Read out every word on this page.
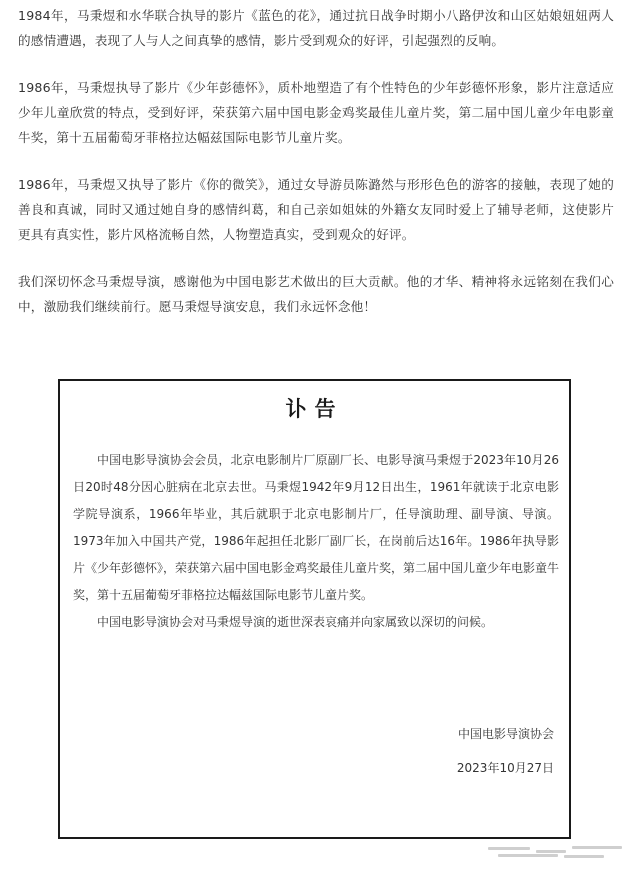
1984年，马秉煜和水华联合执导的影片《蓝色的花》，通过抗日战争时期小八路伊汝和山区姑娘妞妞两人的感情遭遇，表现了人与人之间真挚的感情，影片受到观众的好评，引起强烈的反响。

1986年，马秉煜执导了影片《少年彭德怀》，质朴地塑造了有个性特色的少年彭德怀形象，影片注意适应少年儿童欣赏的特点，受到好评，荣获第六届中国电影金鸡奖最佳儿童片奖，第二届中国儿童少年电影童牛奖，第十五届葡萄牙菲格拉达幅兹国际电影节儿童片奖。

1986年，马秉煜又执导了影片《你的微笑》，通过女导游员陈潞然与形形色色的游客的接触，表现了她的善良和真诚，同时又通过她自身的感情纠葛，和自己亲如姐妹的外籍女友同时爱上了辅导老师，这使影片更具有真实性，影片风格流畅自然，人物塑造真实，受到观众的好评。

我们深切怀念马秉煜导演，感谢他为中国电影艺术做出的巨大贡献。他的才华、精神将永远铭刻在我们心中，激励我们继续前行。愿马秉煜导演安息，我们永远怀念他！

讣告

中国电影导演协会会员，北京电影制片厂原副厂长、电影导演马秉煜于2023年10月26日20时48分因心脏病在北京去世。马秉煜1942年9月12日出生，1961年就读于北京电影学院导演系，1966年毕业，其后就职于北京电影制片厂，任导演助理、副导演、导演。1973年加入中国共产党，1986年起担任北影厂副厂长，在岗前后达16年。1986年执导影片《少年彭德怀》，荣获第六届中国电影金鸡奖最佳儿童片奖，第二届中国儿童少年电影童牛奖，第十五届葡萄牙菲格拉达幅兹国际电影节儿童片奖。

中国电影导演协会对马秉煜导演的逝世深表哀痛并向家属致以深切的问候。

中国电影导演协会
2023年10月27日
